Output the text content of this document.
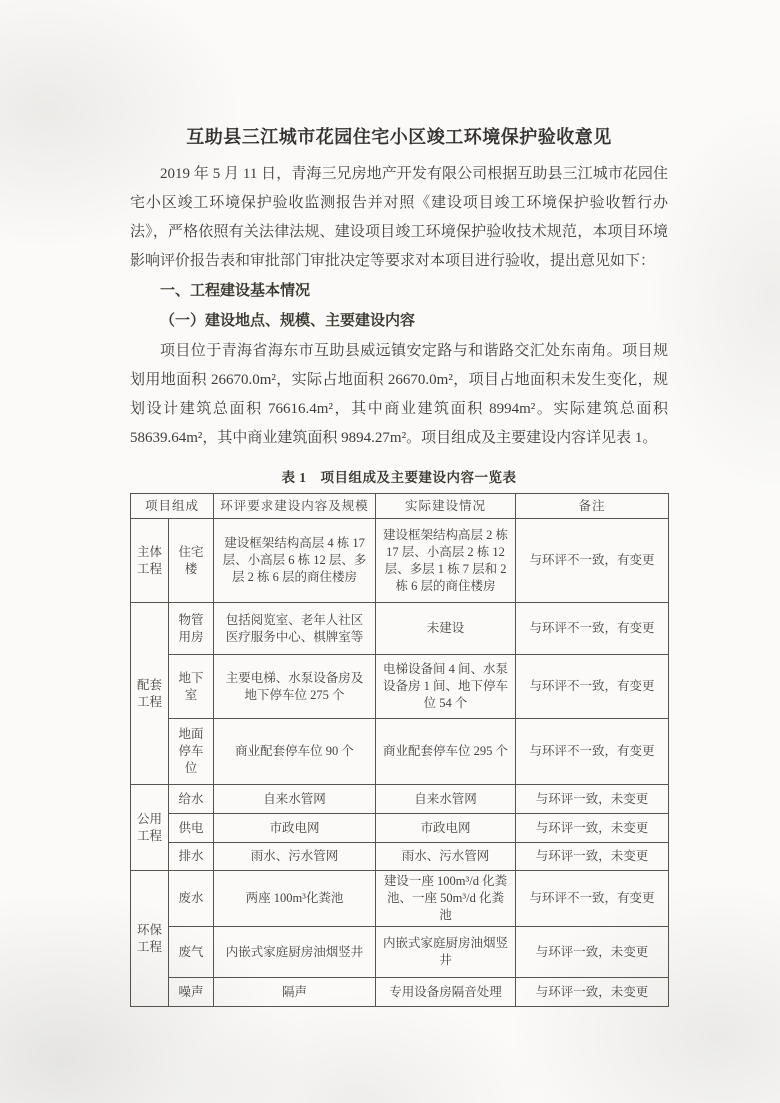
互助县三江城市花园住宅小区竣工环境保护验收意见

2019 年 5 月 11 日，青海三兄房地产开发有限公司根据互助县三江城市花园住宅小区竣工环境保护验收监测报告并对照《建设项目竣工环境保护验收暂行办法》，严格依照有关法律法规、建设项目竣工环境保护验收技术规范，本项目环境影响评价报告表和审批部门审批决定等要求对本项目进行验收，提出意见如下：

一、工程建设基本情况

（一）建设地点、规模、主要建设内容

项目位于青海省海东市互助县威远镇安定路与和谐路交汇处东南角。项目规划用地面积 26670.0m²，实际占地面积 26670.0m²，项目占地面积未发生变化，规划设计建筑总面积 76616.4m²，其中商业建筑面积 8994m²。实际建筑总面积 58639.64m²，其中商业建筑面积 9894.27m²。项目组成及主要建设内容详见表 1。

表 1　项目组成及主要建设内容一览表

项目组成		环评要求建设内容及规模	实际建设情况	备注
主体工程	住宅楼	建设框架结构高层 4 栋 17 层、小高层 6 栋 12 层、多层 2 栋 6 层的商住楼房	建设框架结构高层 2 栋 17 层、小高层 2 栋 12 层、多层 1 栋 7 层和 2 栋 6 层的商住楼房	与环评不一致，有变更
配套工程	物管用房	包括阅览室、老年人社区医疗服务中心、棋牌室等	未建设	与环评不一致，有变更
	地下室	主要电梯、水泵设备房及地下停车位 275 个	电梯设备间 4 间、水泵设备房 1 间、地下停车位 54 个	与环评不一致，有变更
	地面停车位	商业配套停车位 90 个	商业配套停车位 295 个	与环评不一致，有变更
公用工程	给水	自来水管网	自来水管网	与环评一致，未变更
	供电	市政电网	市政电网	与环评一致，未变更
	排水	雨水、污水管网	雨水、污水管网	与环评一致，未变更
环保工程	废水	两座 100m³化粪池	建设一座 100m³/d 化粪池、一座 50m³/d 化粪池	与环评不一致，有变更
	废气	内嵌式家庭厨房油烟竖井	内嵌式家庭厨房油烟竖井	与环评一致，未变更
	噪声	隔声	专用设备房隔音处理	与环评一致，未变更
